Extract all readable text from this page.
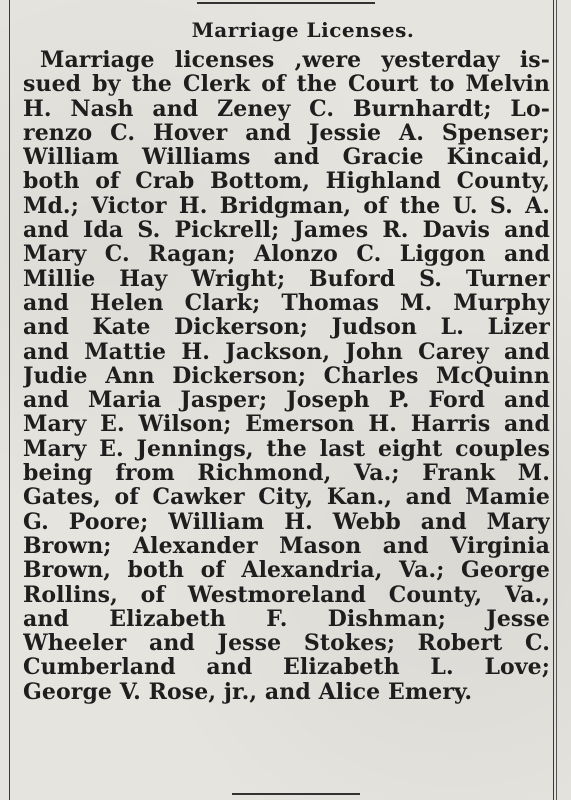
Marriage Licenses.
Marriage licenses ,were yesterday is-
sued by the Clerk of the Court to Melvin
H. Nash and Zeney C. Burnhardt; Lo-
renzo C. Hover and Jessie A. Spenser;
William Williams and Gracie Kincaid,
both of Crab Bottom, Highland County,
Md.; Victor H. Bridgman, of the U. S. A.
and Ida S. Pickrell; James R. Davis and
Mary C. Ragan; Alonzo C. Liggon and
Millie Hay Wright; Buford S. Turner
and Helen Clark; Thomas M. Murphy
and Kate Dickerson; Judson L. Lizer
and Mattie H. Jackson, John Carey and
Judie Ann Dickerson; Charles McQuinn
and Maria Jasper; Joseph P. Ford and
Mary E. Wilson; Emerson H. Harris and
Mary E. Jennings, the last eight couples
being from Richmond, Va.; Frank M.
Gates, of Cawker City, Kan., and Mamie
G. Poore; William H. Webb and Mary
Brown; Alexander Mason and Virginia
Brown, both of Alexandria, Va.; George
Rollins, of Westmoreland County, Va.,
and Elizabeth F. Dishman; Jesse
Wheeler and Jesse Stokes; Robert C.
Cumberland and Elizabeth L. Love;
George V. Rose, jr., and Alice Emery.
